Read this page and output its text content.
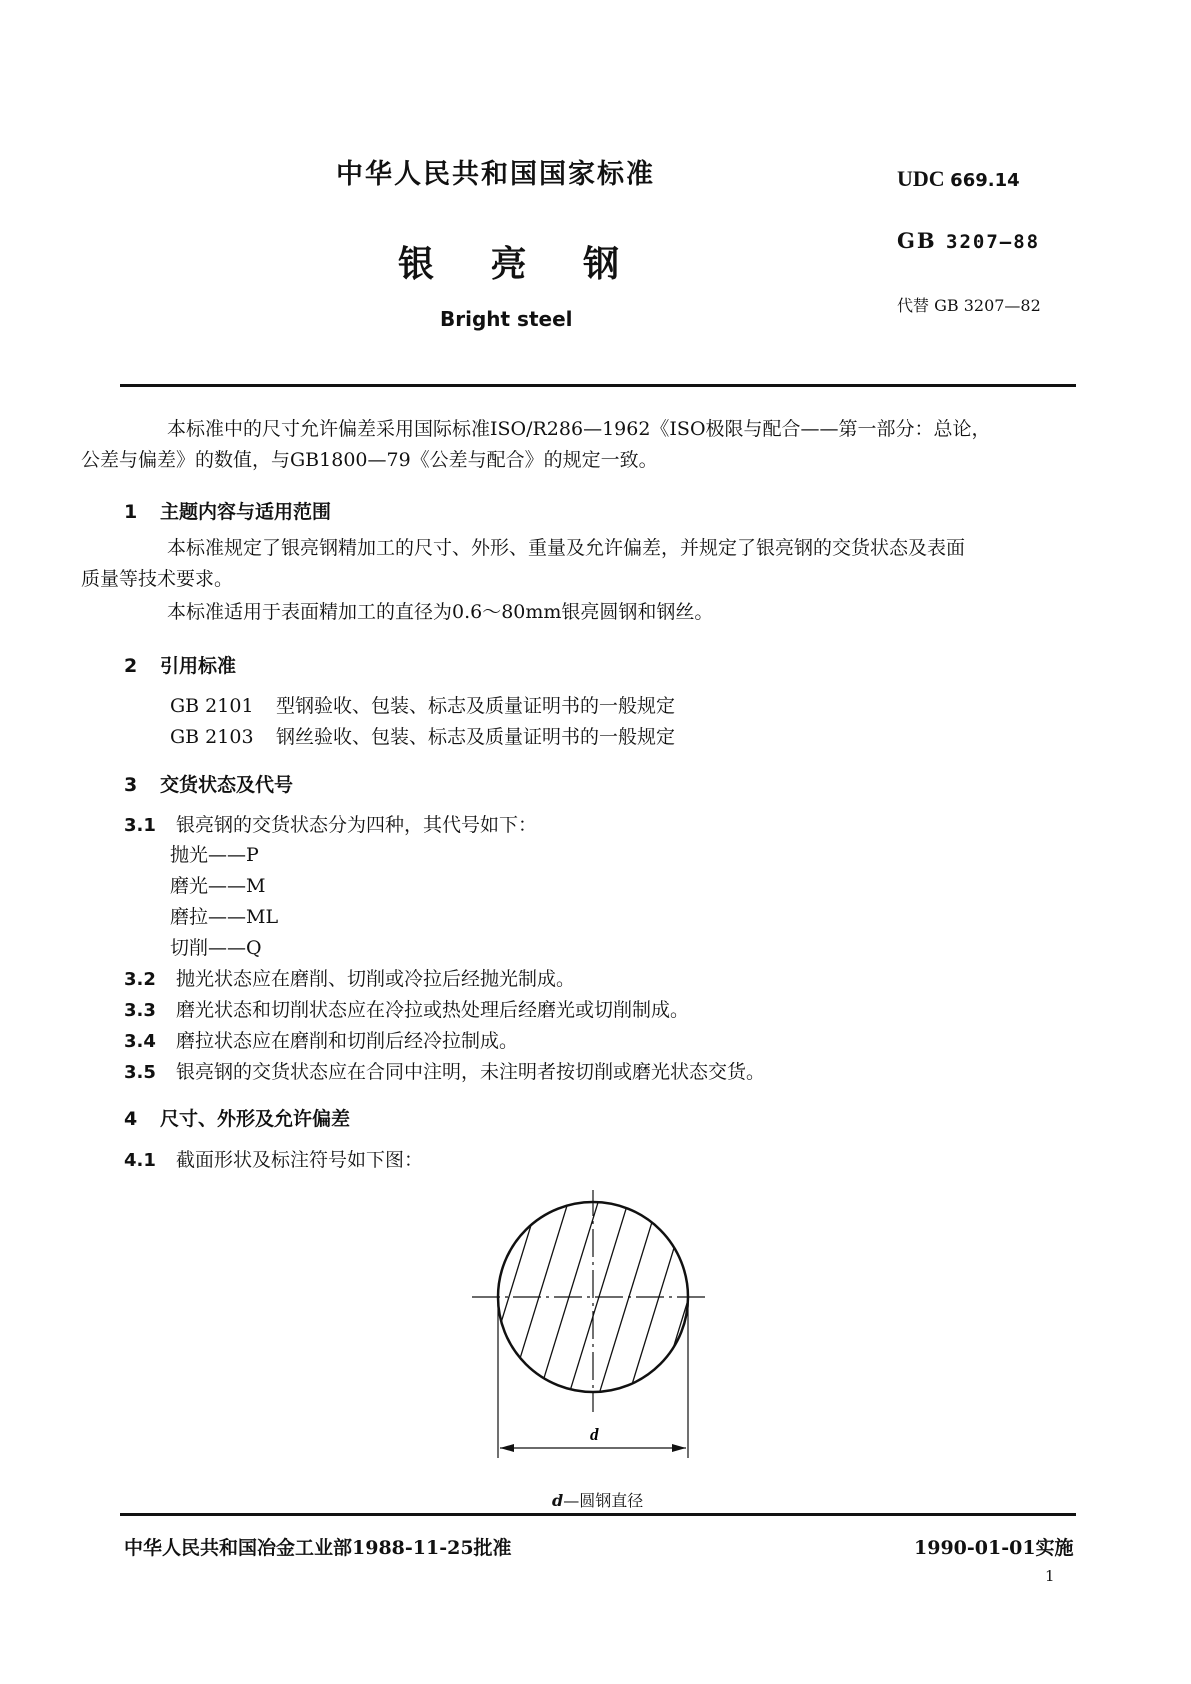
中华人民共和国国家标准	UDC 669.14
GB 3207—88
银 亮 钢
代替 GB 3207—82
Bright steel
本标准中的尺寸允许偏差采用国际标准ISO/R286—1962《ISO极限与配合——第一部分：总论，
公差与偏差》的数值，与GB1800—79《公差与配合》的规定一致。
1 主题内容与适用范围
本标准规定了银亮钢精加工的尺寸、外形、重量及允许偏差，并规定了银亮钢的交货状态及表面
质量等技术要求。
本标准适用于表面精加工的直径为0.6～80mm银亮圆钢和钢丝。
2 引用标准
GB 2101 型钢验收、包装、标志及质量证明书的一般规定
GB 2103 钢丝验收、包装、标志及质量证明书的一般规定
3 交货状态及代号
3.1 银亮钢的交货状态分为四种，其代号如下：
抛光——P
磨光——M
磨拉——ML
切削——Q
3.2 抛光状态应在磨削、切削或冷拉后经抛光制成。
3.3 磨光状态和切削状态应在冷拉或热处理后经磨光或切削制成。
3.4 磨拉状态应在磨削和切削后经冷拉制成。
3.5 银亮钢的交货状态应在合同中注明，未注明者按切削或磨光状态交货。
4 尺寸、外形及允许偏差
4.1 截面形状及标注符号如下图：
d
d—圆钢直径
中华人民共和国冶金工业部1988-11-25批准	1990-01-01实施
1
